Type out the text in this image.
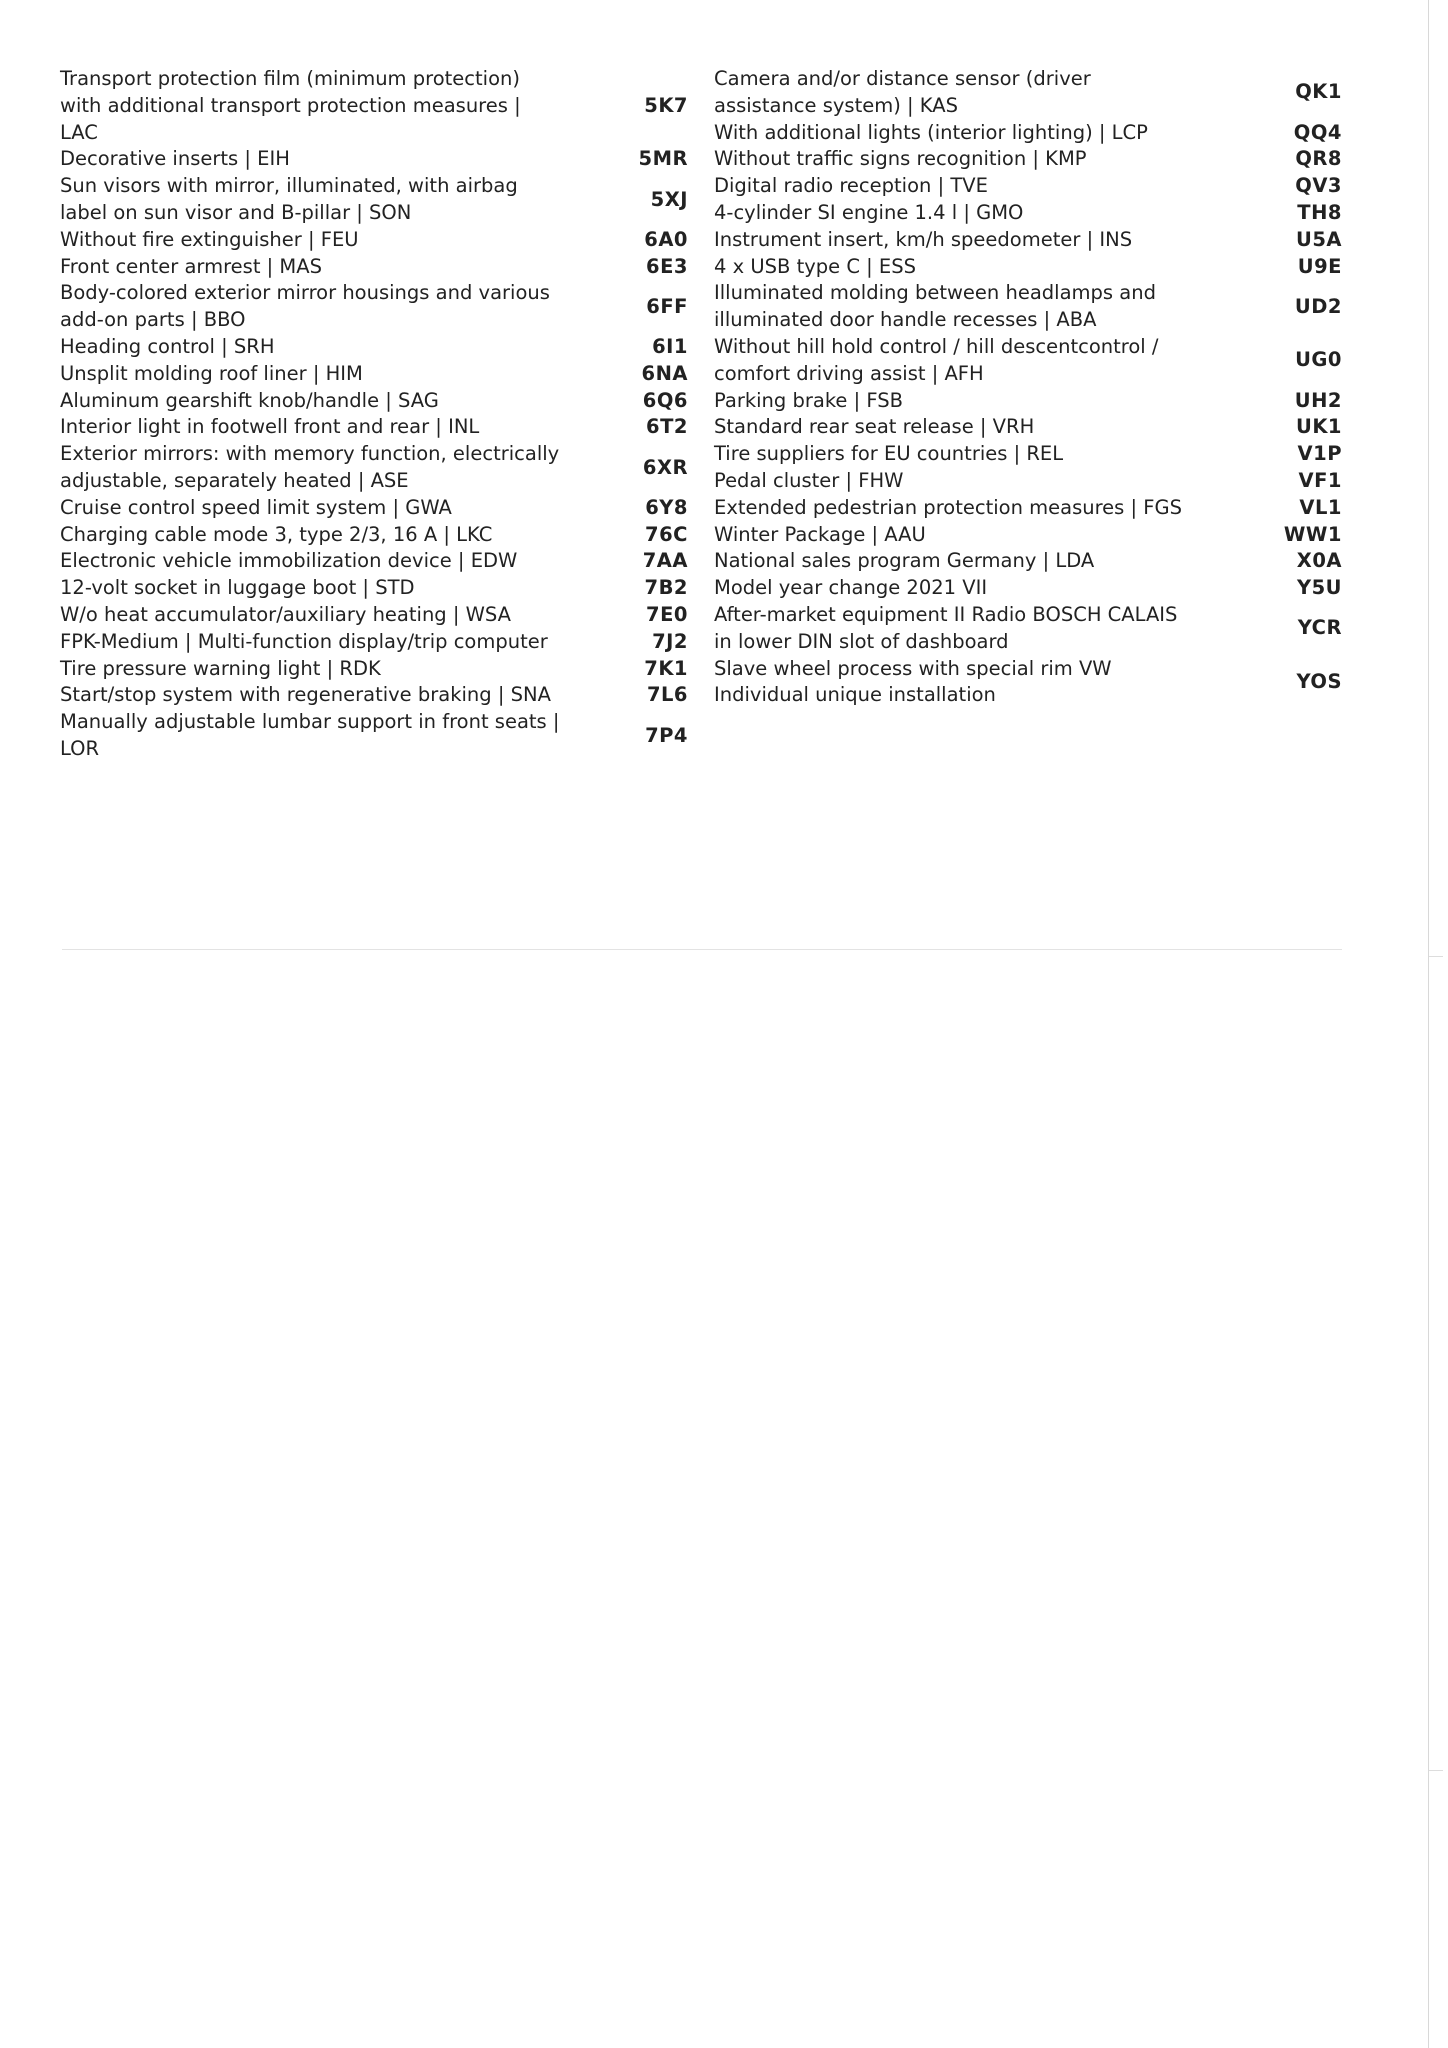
Transport protection film (minimum protection) with additional transport protection measures | LAC
5K7
Decorative inserts | EIH	5MR
Sun visors with mirror, illuminated, with airbag label on sun visor and B-pillar | SON
5XJ
Without fire extinguisher | FEU	6A0
Front center armrest | MAS	6E3
Body-colored exterior mirror housings and various add-on parts | BBO
6FF
Heading control | SRH	6I1
Unsplit molding roof liner | HIM	6NA
Aluminum gearshift knob/handle | SAG	6Q6
Interior light in footwell front and rear | INL	6T2
Exterior mirrors: with memory function, electrically adjustable, separately heated | ASE
6XR
Cruise control speed limit system | GWA	6Y8
Charging cable mode 3, type 2/3, 16 A | LKC	76C
Electronic vehicle immobilization device | EDW	7AA
12-volt socket in luggage boot | STD	7B2
W/o heat accumulator/auxiliary heating | WSA	7E0
FPK-Medium | Multi-function display/trip computer	7J2
Tire pressure warning light | RDK	7K1
Start/stop system with regenerative braking | SNA	7L6
Manually adjustable lumbar support in front seats | LOR
7P4
Camera and/or distance sensor (driver assistance system) | KAS
QK1
With additional lights (interior lighting) | LCP	QQ4
Without traffic signs recognition | KMP	QR8
Digital radio reception | TVE	QV3
4-cylinder SI engine 1.4 l | GMO	TH8
Instrument insert, km/h speedometer | INS	U5A
4 x USB type C | ESS	U9E
Illuminated molding between headlamps and illuminated door handle recesses | ABA
UD2
Without hill hold control / hill descentcontrol / comfort driving assist | AFH
UG0
Parking brake | FSB	UH2
Standard rear seat release | VRH	UK1
Tire suppliers for EU countries | REL	V1P
Pedal cluster | FHW	VF1
Extended pedestrian protection measures | FGS	VL1
Winter Package | AAU	WW1
National sales program Germany | LDA	X0A
Model year change 2021 VII	Y5U
After-market equipment II Radio BOSCH CALAIS in lower DIN slot of dashboard
YCR
Slave wheel process with special rim VW Individual unique installation
YOS
